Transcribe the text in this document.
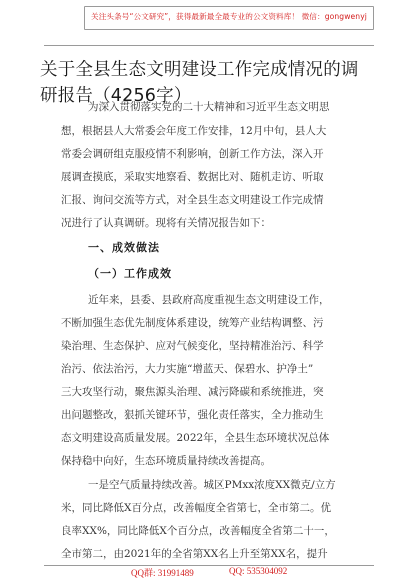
关注头条号“公文研究”，获得最新最全最专业的公文资料库！ 微信：gongwenyj
关于全县生态文明建设工作完成情况的调研报告（4256字）
为深入贯彻落实党的二十大精神和习近平生态文明思
想，根据县人大常委会年度工作安排，12月中旬，县人大
常委会调研组克服疫情不利影响，创新工作方法，深入开
展调查摸底，采取实地察看、数据比对、随机走访、听取
汇报、询问交流等方式，对全县生态文明建设工作完成情
况进行了认真调研。现将有关情况报告如下：
一、成效做法
（一）工作成效
近年来，县委、县政府高度重视生态文明建设工作，
不断加强生态优先制度体系建设，统筹产业结构调整、污
染治理、生态保护、应对气候变化，坚持精准治污、科学
治污、依法治污，大力实施“增蓝天、保碧水、护净土”
三大攻坚行动，聚焦源头治理、减污降碳和系统推进，突
出问题整改，狠抓关键环节，强化责任落实，全力推动生
态文明建设高质量发展。2022年，全县生态环境状况总体
保持稳中向好，生态环境质量持续改善提高。
一是空气质量持续改善。城区PMxx浓度XX微克/立方
米，同比降低X百分点，改善幅度全省第七，全市第二。优
良率XX%，同比降低X个百分点，改善幅度全省第二十一，
全市第二，由2021年的全省第XX名上升至第XX名，提升
QQ群: 31991489	QQ: 535304092
